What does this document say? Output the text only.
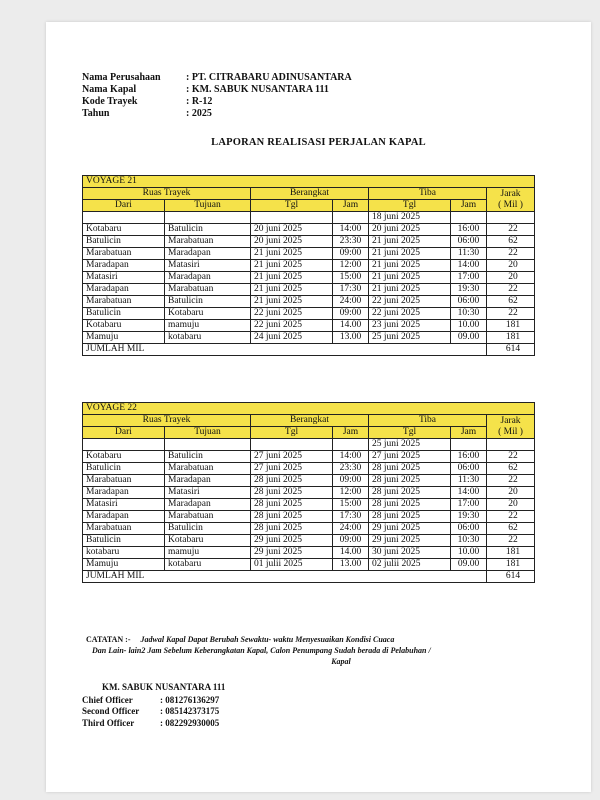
Nama Perusahaan	: PT. CITRABARU ADINUSANTARA
Nama Kapal	: KM. SABUK NUSANTARA 111
Kode Trayek	: R-12
Tahun	: 2025
LAPORAN REALISASI PERJALAN KAPAL
VOYAGE 21						
Ruas Trayek		Berangkat		Tiba		Jarak
( Mil )
Dari	Tujuan	Tgl	Jam	Tgl	Jam	
				18 juni 2025		
Kotabaru	Batulicin	20 juni 2025	14:00	20 juni 2025	16:00	22
Batulicin	Marabatuan	20 juni 2025	23:30	21 juni 2025	06:00	62
Marabatuan	Maradapan	21 juni 2025	09:00	21 juni 2025	11:30	22
Maradapan	Matasiri	21 juni 2025	12:00	21 juni 2025	14:00	20
Matasiri	Maradapan	21 juni 2025	15:00	21 juni 2025	17:00	20
Maradapan	Marabatuan	21 juni 2025	17:30	21 juni 2025	19:30	22
Marabatuan	Batulicin	21 juni 2025	24:00	22 juni 2025	06:00	62
Batulicin	Kotabaru	22 juni 2025	09:00	22 juni 2025	10:30	22
Kotabaru	mamuju	22 juni 2025	14.00	23 juni 2025	10.00	181
Mamuju	kotabaru	24 juni 2025	13.00	25 juni 2025	09.00	181
JUMLAH MIL						614
VOYAGE 22						
Ruas Trayek		Berangkat		Tiba		Jarak
( Mil )
Dari	Tujuan	Tgl	Jam	Tgl	Jam	
				25 juni 2025		
Kotabaru	Batulicin	27 juni 2025	14:00	27 juni 2025	16:00	22
Batulicin	Marabatuan	27 juni 2025	23:30	28 juni 2025	06:00	62
Marabatuan	Maradapan	28 juni 2025	09:00	28 juni 2025	11:30	22
Maradapan	Matasiri	28 juni 2025	12:00	28 juni 2025	14:00	20
Matasiri	Maradapan	28 juni 2025	15:00	28 juni 2025	17:00	20
Maradapan	Marabatuan	28 juni 2025	17:30	28 juni 2025	19:30	22
Marabatuan	Batulicin	28 juni 2025	24:00	29 juni 2025	06:00	62
Batulicin	Kotabaru	29 juni 2025	09:00	29 juni 2025	10:30	22
kotabaru	mamuju	29 juni 2025	14.00	30 juni 2025	10.00	181
Mamuju	kotabaru	01 julii 2025	13.00	02 julii 2025	09.00	181
JUMLAH MIL						614
CATATAN :- Jadwal Kapal Dapat Berubah Sewaktu- waktu Menyesuaikan Kondisi Cuaca
Dan Lain- lain2 Jam Sebelum Keberangkatan Kapal, Calon Penumpang Sudah berada di Pelabuhan /
Kapal
KM. SABUK NUSANTARA 111
Chief Officer	: 081276136297
Second Officer	: 085142373175
Third Officer	: 082292930005
